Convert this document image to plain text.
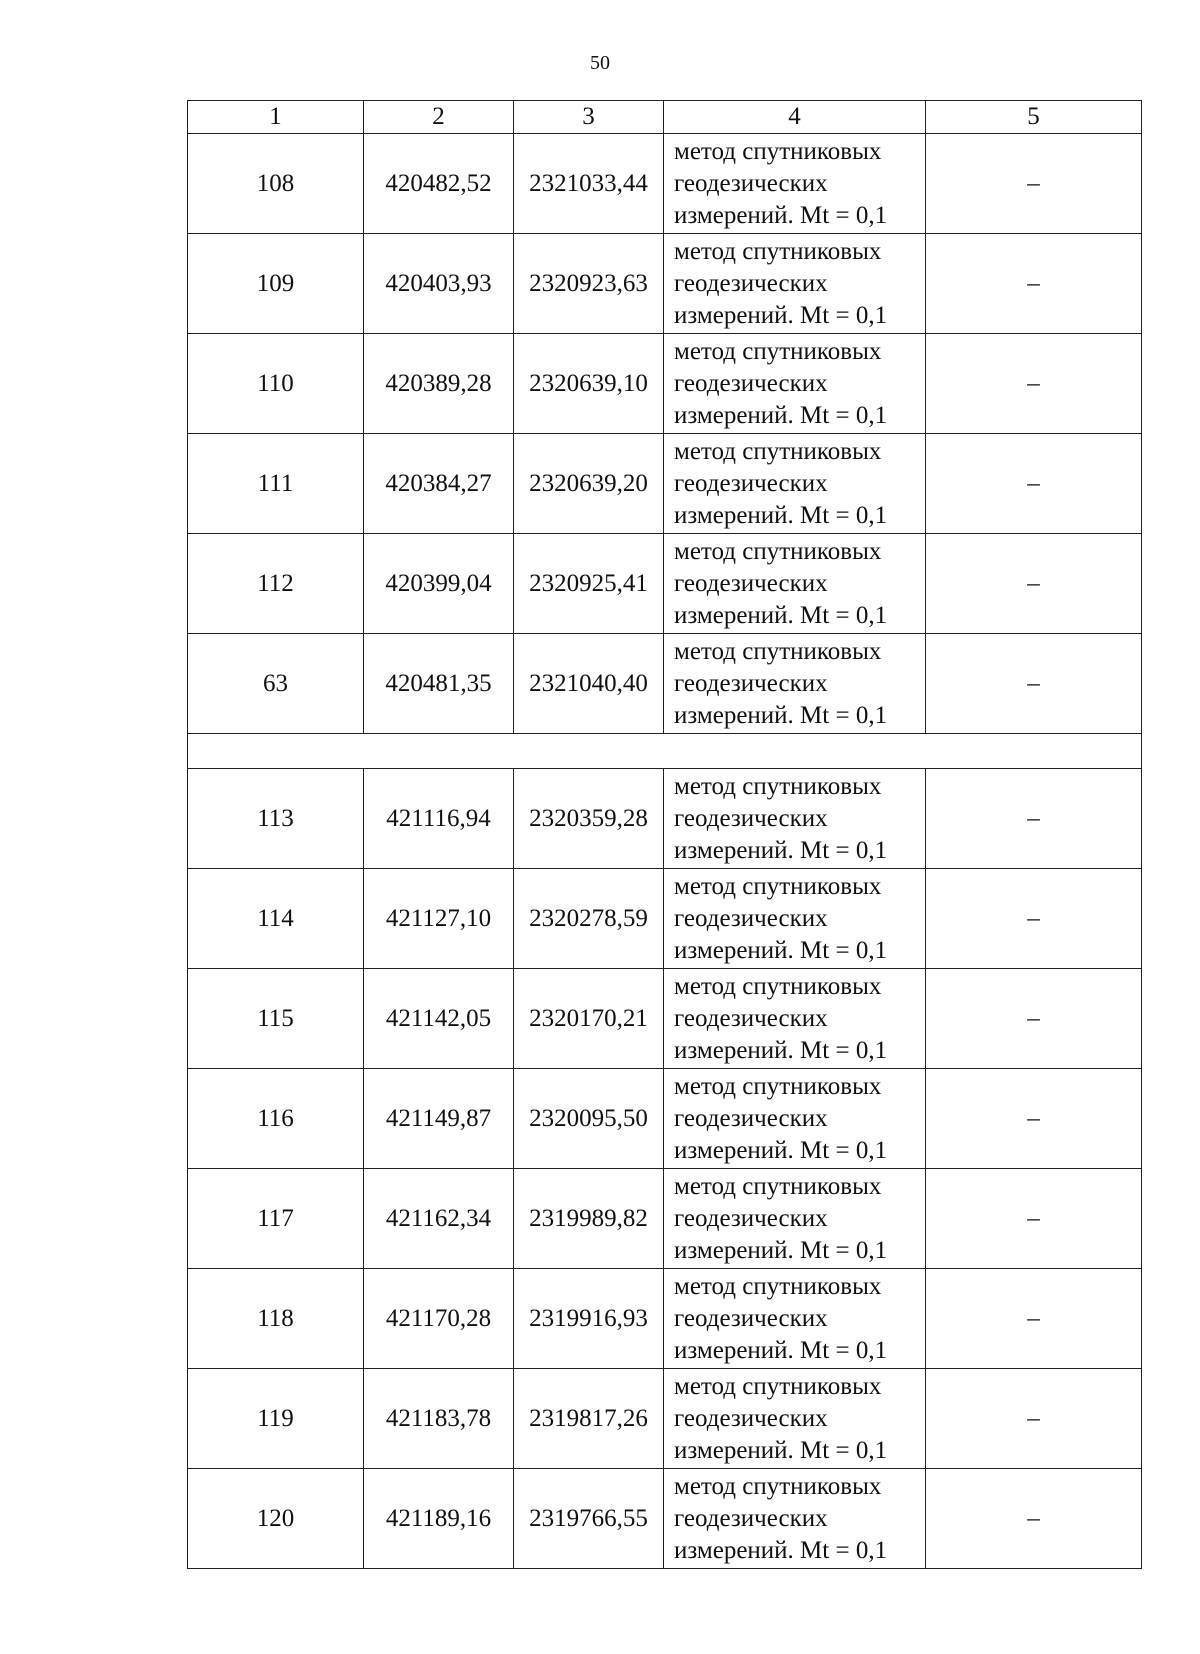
50
1	2	3	4	5
108	420482,52	2321033,44	метод спутниковых
геодезических
измерений. Mt = 0,1	–
109	420403,93	2320923,63	метод спутниковых
геодезических
измерений. Mt = 0,1	–
110	420389,28	2320639,10	метод спутниковых
геодезических
измерений. Mt = 0,1	–
111	420384,27	2320639,20	метод спутниковых
геодезических
измерений. Mt = 0,1	–
112	420399,04	2320925,41	метод спутниковых
геодезических
измерений. Mt = 0,1	–
63	420481,35	2321040,40	метод спутниковых
геодезических
измерений. Mt = 0,1	–

113	421116,94	2320359,28	метод спутниковых
геодезических
измерений. Mt = 0,1	–
114	421127,10	2320278,59	метод спутниковых
геодезических
измерений. Mt = 0,1	–
115	421142,05	2320170,21	метод спутниковых
геодезических
измерений. Mt = 0,1	–
116	421149,87	2320095,50	метод спутниковых
геодезических
измерений. Mt = 0,1	–
117	421162,34	2319989,82	метод спутниковых
геодезических
измерений. Mt = 0,1	–
118	421170,28	2319916,93	метод спутниковых
геодезических
измерений. Mt = 0,1	–
119	421183,78	2319817,26	метод спутниковых
геодезических
измерений. Mt = 0,1	–
120	421189,16	2319766,55	метод спутниковых
геодезических
измерений. Mt = 0,1	–
